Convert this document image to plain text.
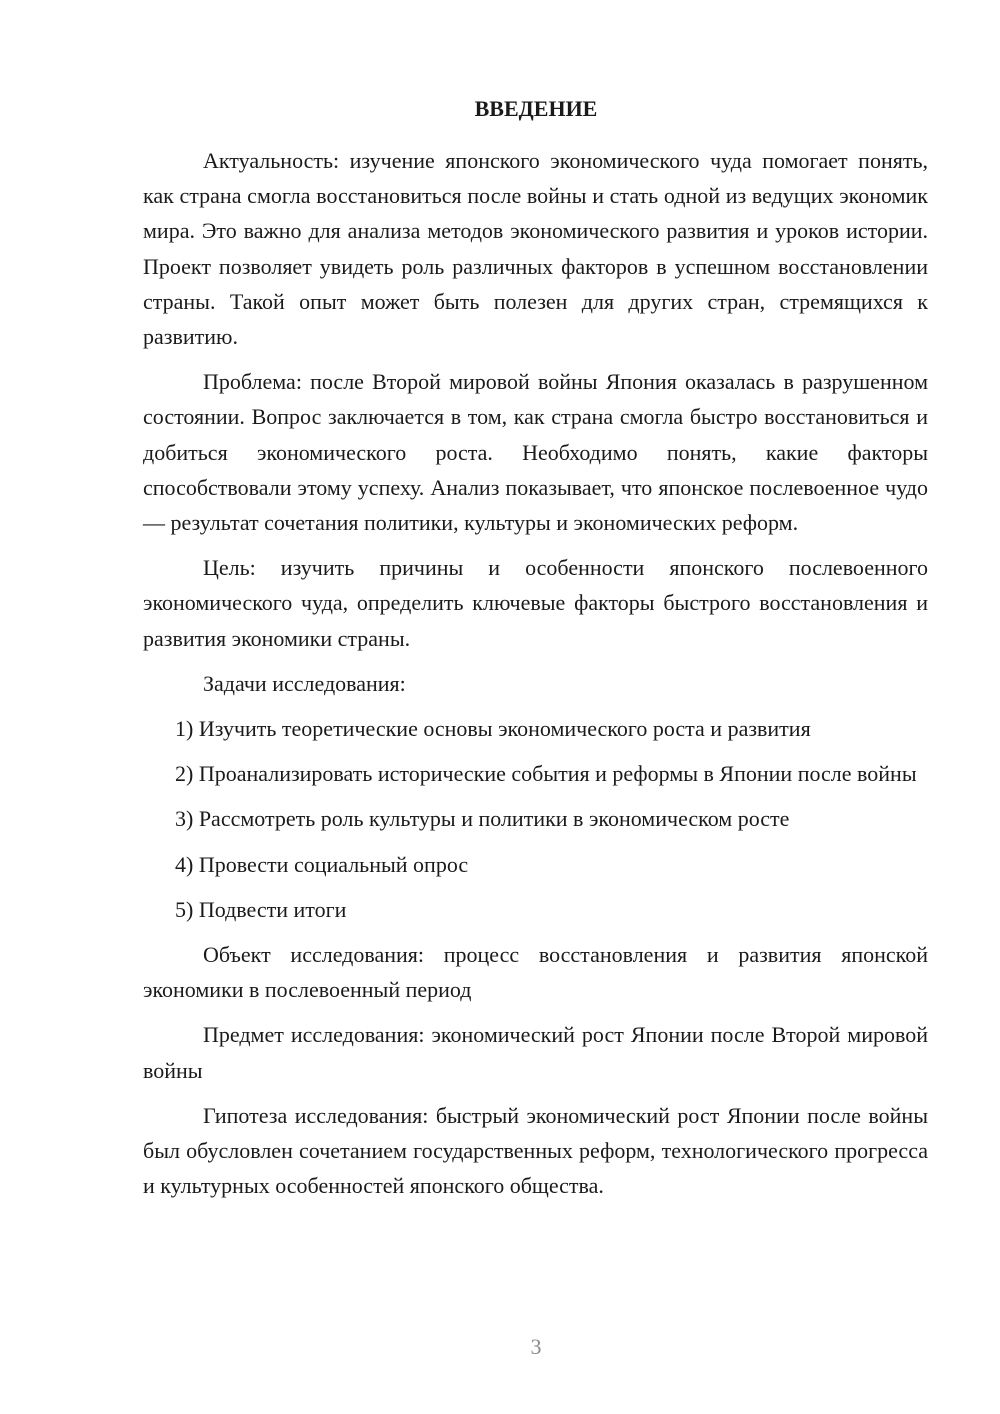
ВВЕДЕНИЕ

Актуальность: изучение японского экономического чуда помогает понять, как страна смогла восстановиться после войны и стать одной из ведущих экономик мира. Это важно для анализа методов экономического развития и уроков истории. Проект позволяет увидеть роль различных факторов в успешном восстановлении страны. Такой опыт может быть полезен для других стран, стремящихся к развитию.

Проблема: после Второй мировой войны Япония оказалась в разрушенном состоянии. Вопрос заключается в том, как страна смогла быстро восстановиться и добиться экономического роста. Необходимо понять, какие факторы способствовали этому успеху. Анализ показывает, что японское послевоенное чудо — результат сочетания политики, культуры и экономических реформ.

Цель: изучить причины и особенности японского послевоенного экономического чуда, определить ключевые факторы быстрого восстановления и развития экономики страны.

Задачи исследования:

1) Изучить теоретические основы экономического роста и развития

2) Проанализировать исторические события и реформы в Японии после войны

3) Рассмотреть роль культуры и политики в экономическом росте

4) Провести социальный опрос

5) Подвести итоги

Объект исследования: процесс восстановления и развития японской экономики в послевоенный период

Предмет исследования: экономический рост Японии после Второй мировой войны

Гипотеза исследования: быстрый экономический рост Японии после войны был обусловлен сочетанием государственных реформ, технологического прогресса и культурных особенностей японского общества.

3
